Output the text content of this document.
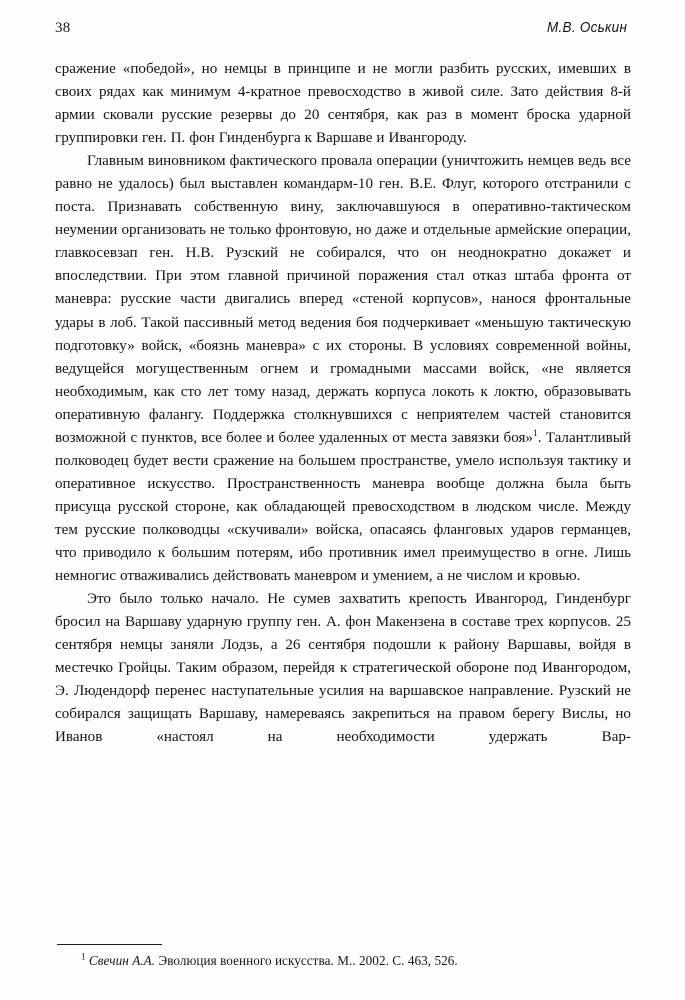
38	М.В. Оськин

сражение «победой», но немцы в принципе и не могли разбить русских, имевших в своих рядах как минимум 4-кратное превосходство в живой силе. Зато действия 8-й армии сковали русские резервы до 20 сентября, как раз в момент броска ударной группировки ген. П. фон Гинденбурга к Варшаве и Ивангороду.

Главным виновником фактического провала операции (уничтожить немцев ведь все равно не удалось) был выставлен командарм-10 ген. В.Е. Флуг, которого отстранили с поста. Признавать собственную вину, заключавшуюся в оперативно-тактическом неумении организовать не только фронтовую, но даже и отдельные армейские операции, главкосевзап ген. Н.В. Рузский не собирался, что он неоднократно докажет и впоследствии. При этом главной причиной поражения стал отказ штаба фронта от маневра: русские части двигались вперед «стеной корпусов», нанося фронтальные удары в лоб. Такой пассивный метод ведения боя подчеркивает «меньшую тактическую подготовку» войск, «боязнь маневра» с их стороны. В условиях современной войны, ведущейся могущественным огнем и громадными массами войск, «не является необходимым, как сто лет тому назад, держать корпуса локоть к локтю, образовывать оперативную фалангу. Поддержка столкнувшихся с неприятелем частей становится возможной с пунктов, все более и более удаленных от места завязки боя»$^1$. Талантливый полководец будет вести сражение на большем пространстве, умело используя тактику и оперативное искусство. Пространственность маневра вообще должна была быть присуща русской стороне, как обладающей превосходством в людском числе. Между тем русские полководцы «скучивали» войска, опасаясь фланговых ударов германцев, что приводило к большим потерям, ибо противник имел преимущество в огне. Лишь немногис отваживались действовать маневром и умением, а не числом и кровью.

Это было только начало. Не сумев захватить крепость Ивангород, Гинденбург бросил на Варшаву ударную группу ген. А. фон Макензена в составе трех корпусов. 25 сентября немцы заняли Лодзь, а 26 сентября подошли к району Варшавы, войдя в местечко Гройцы. Таким образом, перейдя к стратегической обороне под Ивангородом, Э. Людендорф перенес наступательные усилия на варшавское направление. Рузский не собирался защищать Варшаву, намереваясь закрепиться на правом берегу Вислы, но Иванов «настоял на необходимости удержать Вар-

$^1$ Свечин А.А. Эволюция военного искусства. М.. 2002. С. 463, 526.
